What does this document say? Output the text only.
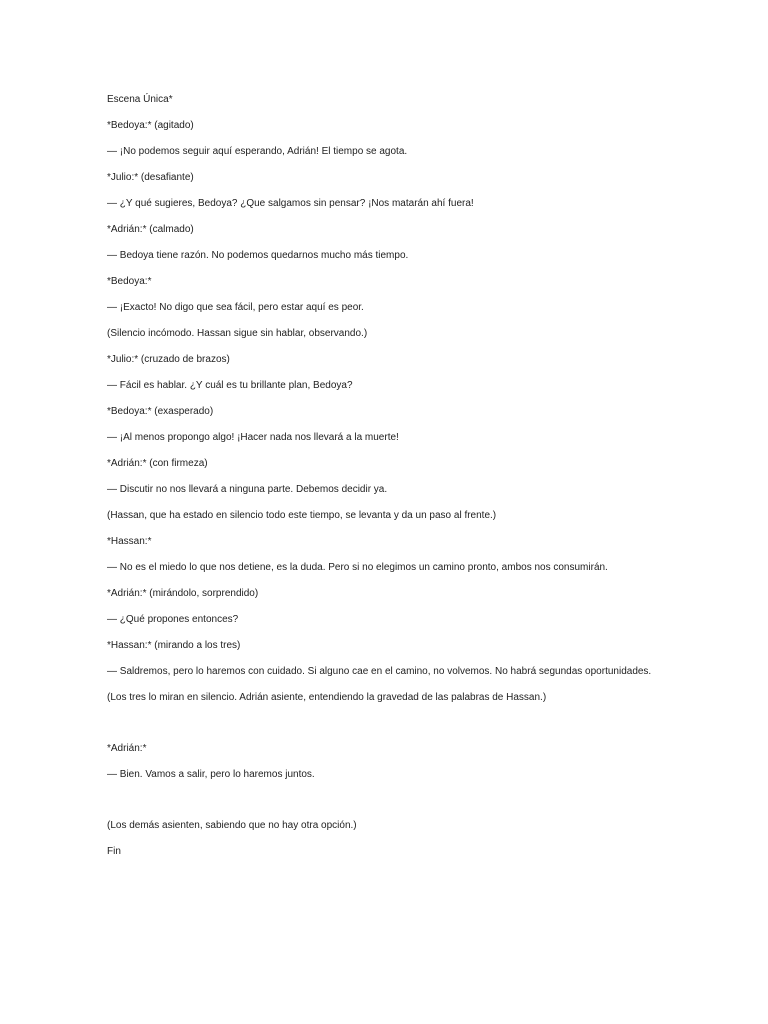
Escena Única*

*Bedoya:* (agitado)

— ¡No podemos seguir aquí esperando, Adrián! El tiempo se agota.

*Julio:* (desafiante)

— ¿Y qué sugieres, Bedoya? ¿Que salgamos sin pensar? ¡Nos matarán ahí fuera!

*Adrián:* (calmado)

— Bedoya tiene razón. No podemos quedarnos mucho más tiempo.

*Bedoya:*

— ¡Exacto! No digo que sea fácil, pero estar aquí es peor.

(Silencio incómodo. Hassan sigue sin hablar, observando.)

*Julio:* (cruzado de brazos)

— Fácil es hablar. ¿Y cuál es tu brillante plan, Bedoya?

*Bedoya:* (exasperado)

— ¡Al menos propongo algo! ¡Hacer nada nos llevará a la muerte!

*Adrián:* (con firmeza)

— Discutir no nos llevará a ninguna parte. Debemos decidir ya.

(Hassan, que ha estado en silencio todo este tiempo, se levanta y da un paso al frente.)

*Hassan:*

— No es el miedo lo que nos detiene, es la duda. Pero si no elegimos un camino pronto, ambos nos consumirán.

*Adrián:* (mirándolo, sorprendido)

— ¿Qué propones entonces?

*Hassan:* (mirando a los tres)

— Saldremos, pero lo haremos con cuidado. Si alguno cae en el camino, no volvemos. No habrá segundas oportunidades.

(Los tres lo miran en silencio. Adrián asiente, entendiendo la gravedad de las palabras de Hassan.)

*Adrián:*

— Bien. Vamos a salir, pero lo haremos juntos.

(Los demás asienten, sabiendo que no hay otra opción.)

Fin
